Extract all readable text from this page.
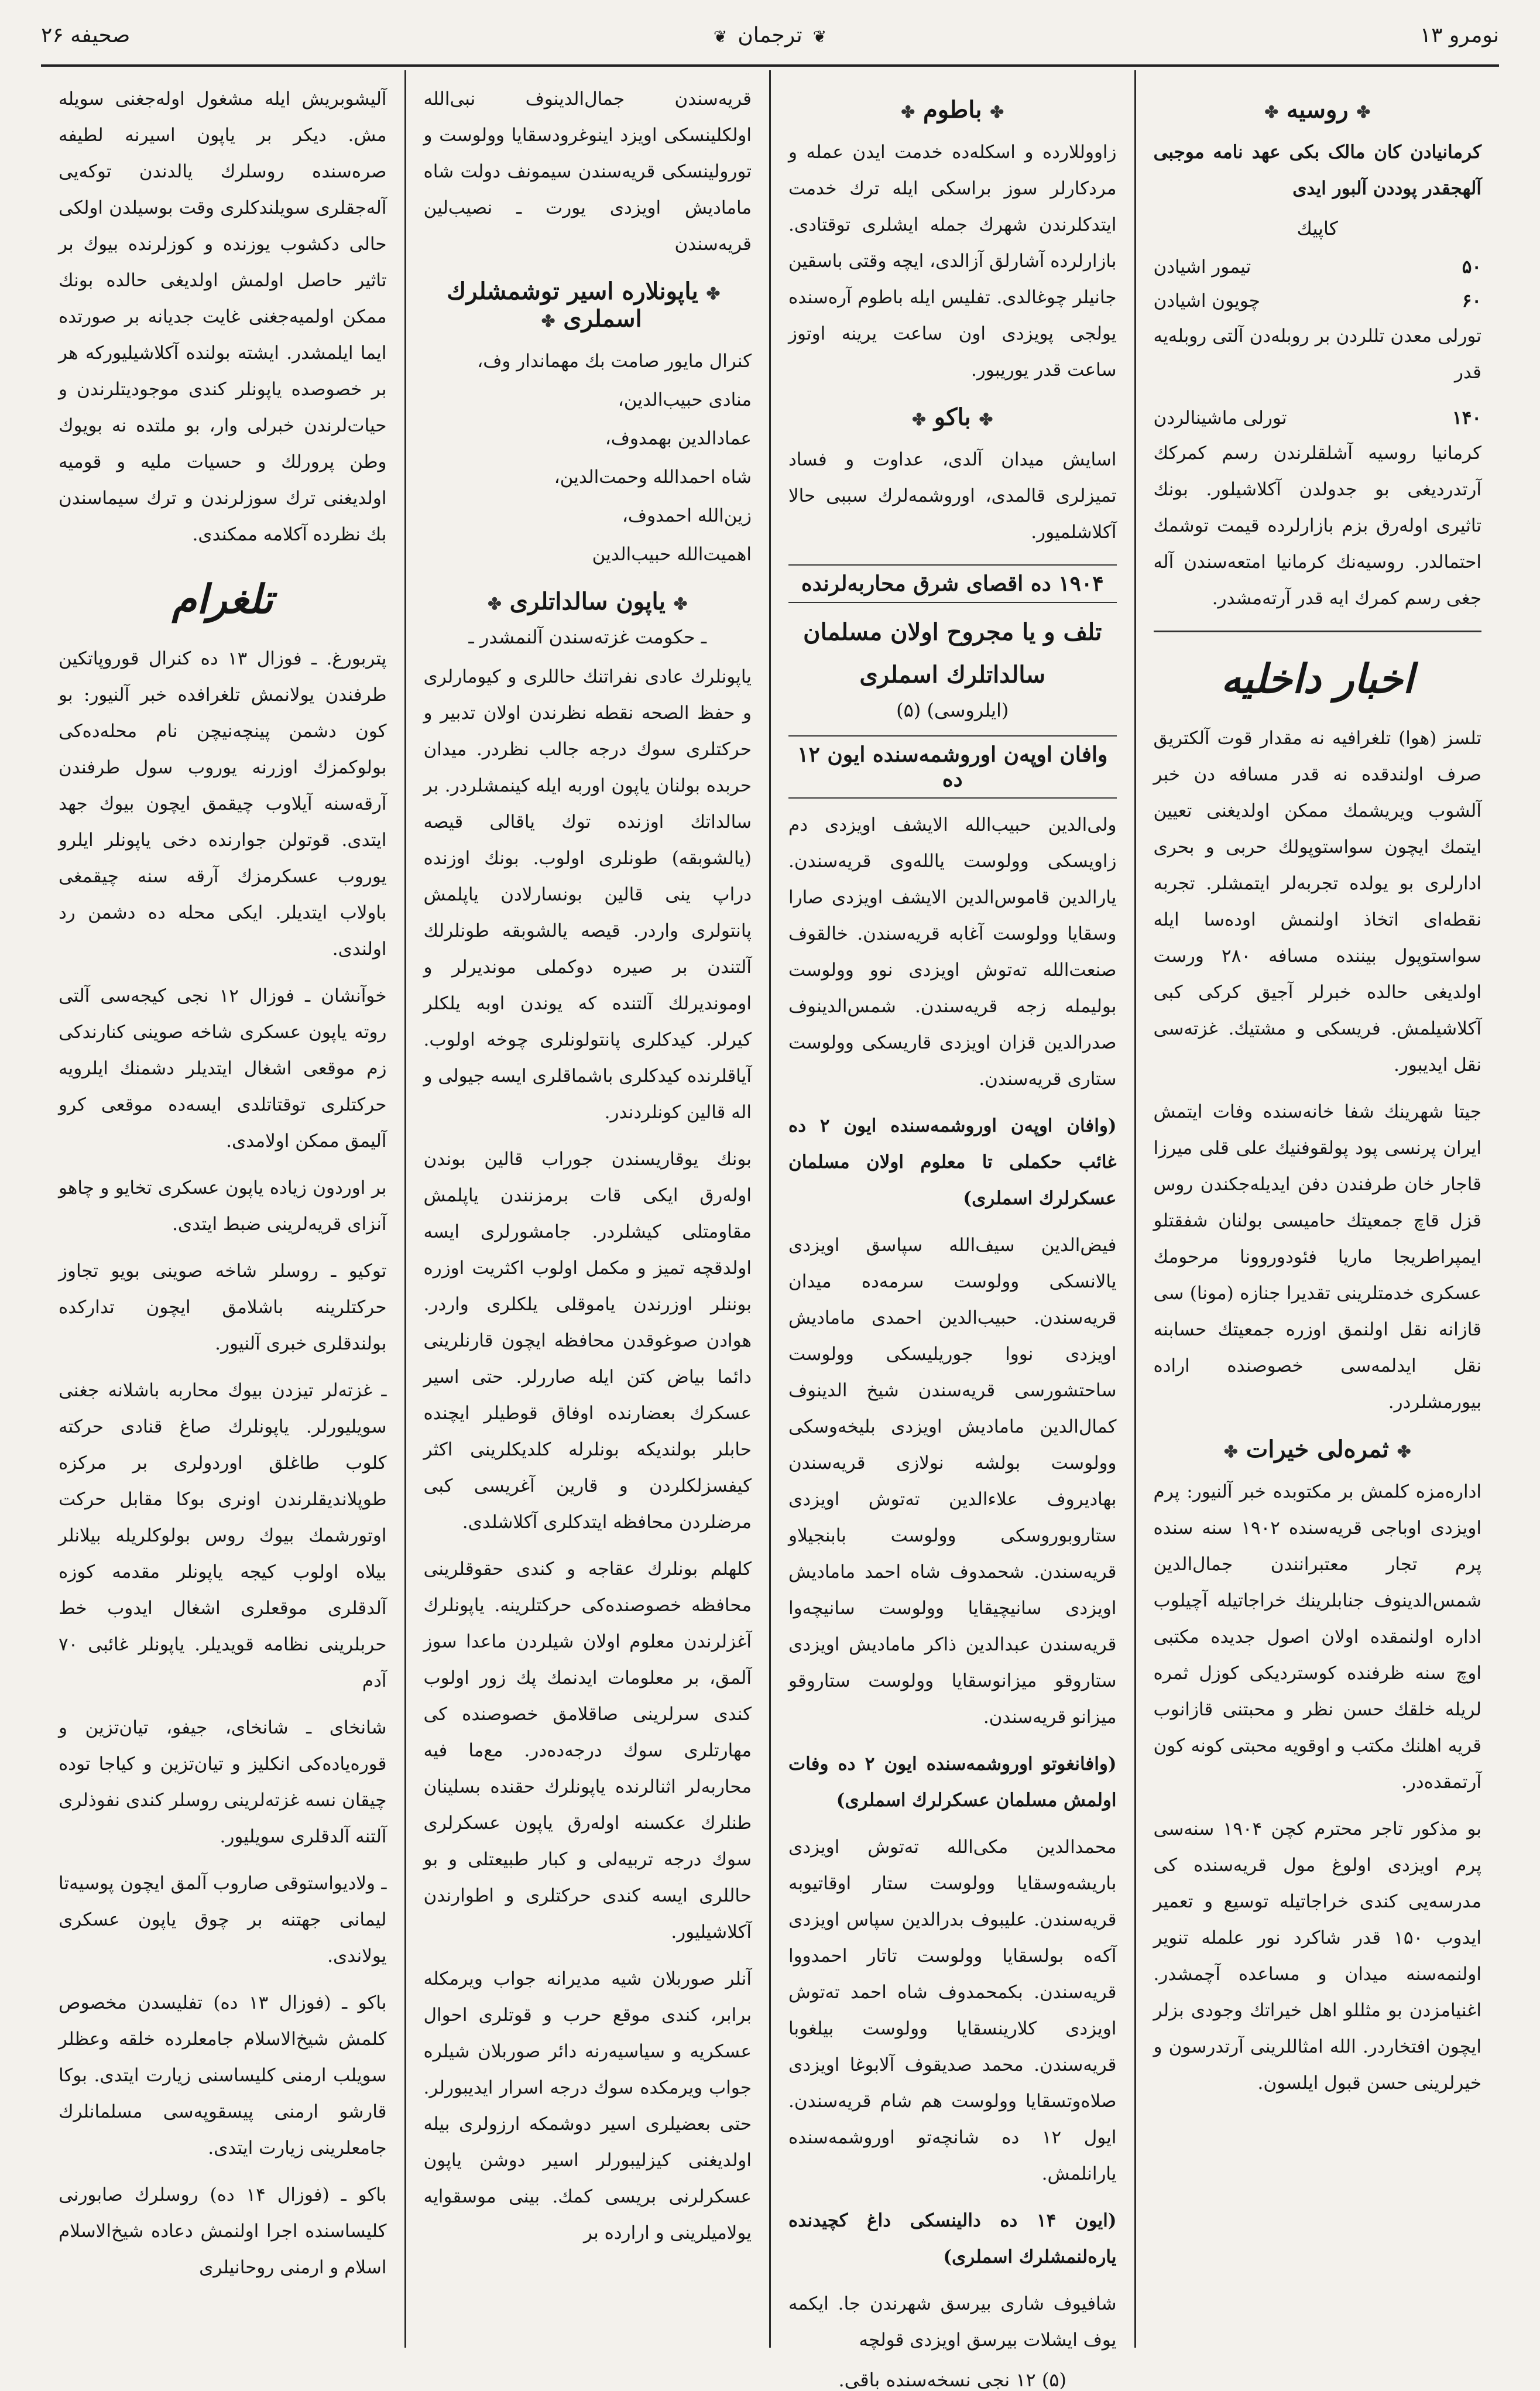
نومرو ۱۳
❦ترجمان❦
صحیفه ۲۶
✤روسیه✤

کرمانیادن کان مالک بکی عهد نامه موجبی آلهجقدر پوددن آلبور ایدی

کاپیك
۵۰
تیمور اشیادن
۶۰
چویون اشیادن

تورلی معدن تللردن بر روبله‌دن آلتی روبله‌یه قدر

۱۴۰
تورلی ماشینالردن

کرمانیا روسیه آشلقلرندن رسم کمرکك آرتدردیغی بو جدولدن آکلاشیلور. بونك تاثیری اولەرق بزم بازارلرده قیمت توشمك احتمالدر. روسیه‌نك کرمانیا امتعه‌سندن آله جغی رسم کمرك ایه قدر آرتەمشدر.

اخبار داخلیه

تلسز (هوا) تلغرافیه نه مقدار قوت آلکتریق صرف اولندقده نه قدر مسافه دن خبر آلشوب ویریشمك ممکن اولدیغنی تعیین ایتمك ایچون سواستوپولك حربی و بحری ادارلری بو یولده تجربه‌لر ایتمشلر. تجربه نقطه‌ای اتخاذ اولنمش اودەسا ایله سواستوپول بیننده مسافه ۲۸۰ ورست اولدیغی حالده خبرلر آجیق کرکی کبی آکلاشیلمش. فریسکی و مشتیك. غزته‌سی نقل ایدیبور.

جیتا شهرینك شفا خانه‌سنده وفات ایتمش ایران پرنسی پود پولقوفنیك علی قلی میرزا قاجار خان طرفندن دفن ایدیله‌جکندن روس قزل قاچ جمعیتك حامیسی بولنان شفقتلو ایمپراطریجا ماریا فئودوروونا مرحومك عسکری خدمتلرینی تقدیرا جنازه (مونا) سی قازانه نقل اولنمق اوزره جمعیتك حسابنه نقل ایدلمه‌سی خصوصنده اراده بیورمشلردر.

✤ثمره‌لی خیرات✤

اداره‌مزه کلمش بر مکتوبده خبر آلنیور: پرم اویزدی اوباجی قریه‌سنده ۱۹۰۲ سنه سنده پرم تجار معتبرانندن جمال‌الدین شمس‌الدینوف جنابلرینك خراجاتیله آچیلوب اداره اولنمقده اولان اصول جدیده مکتبی اوچ سنه ظرفنده کوستردیکی کوزل ثمره لریله خلقك حسن نظر و محبتنی قازانوب قریه اهلنك مکتب و اوقویه محبتی کونه کون آرتمقده‌در.

بو مذکور تاجر محترم کچن ۱۹۰۴ سنه‌سی پرم اویزدی اولوغ مول قریه‌سنده کی مدرسه‌یی کندی خراجاتیله توسیع و تعمیر ایدوب ۱۵۰ قدر شاکرد نور علمله تنویر اولنمه‌سنه میدان و مساعده آچمشدر. اغنیامزدن بو مثللو اهل خیراتك وجودی بزلر ایچون افتخاردر. الله امثاللرینی آرتدرسون و خیرلرینی حسن قبول ایلسون.

✤باطوم✤

زاووللارده و اسکله‌ده خدمت ایدن عمله و مردکارلر سوز براسکی ایله ترك خدمت ایتدکلرندن شهرك جمله ایشلری توقتادی. بازارلرده آشارلق آزالدی، ایچه وقتی باسقین جانیلر چوغالدی. تفلیس ایله باطوم آره‌سنده یولجی پویزدی اون ساعت یرینه اوتوز ساعت قدر یوریبور.

✤باکو✤

اسایش میدان آلدی، عداوت و فساد تمیزلری قالمدی، اوروشمه‌لرك سببی حالا آکلاشلمیور.

۱۹۰۴ ده اقصای شرق محاربه‌لرنده
تلف و یا مجروح اولان مسلمان
سالداتلرك اسملری
(ایلروسی) (۵)
وافان اوپه‌ن اوروشمه‌سنده ایون ۱۲ ده

ولی‌الدین حبیب‌الله الایشف اویزدی دم زاویسکی وولوست یالله‌وی قریه‌سندن. یارالدین قاموس‌الدین الایشف اویزدی صارا وسقایا وولوست آغابه قریه‌سندن. خالقوف صنعت‌الله ته‌توش اویزدی نوو وولوست بولیمله زجه قریه‌سندن. شمس‌الدینوف صدرالدین قزان اویزدی قاریسکی وولوست ستاری قریه‌سندن.

(وافان اوپه‌ن اوروشمه‌سنده ایون ۲ ده غائب حکملی تا معلوم اولان مسلمان عسکرلرك اسملری)

فیض‌الدین سیف‌الله سپاسق اویزدی یالانسکی وولوست سرمه‌ده میدان قریه‌سندن. حبیب‌الدین احمدی مامادیش اویزدی نووا جوریلیسکی وولوست ساحتشورسی قریه‌سندن شیخ الدینوف کمال‌الدین مامادیش اویزدی بلیخه‌وسکی وولوست بولشه نولازی قریه‌سندن بهادیروف علاءالدین ته‌توش اویزدی ستاروبوروسکی وولوست بابنجیلاو قریه‌سندن. شحمدوف شاه احمد مامادیش اویزدی سانیچیقایا وولوست سانیچه‌وا قریه‌سندن عبدالدین ذاکر مامادیش اویزدی ستاروقو میزانوسقایا وولوست ستاروقو میزانو قریه‌سندن.

(وافانغوتو اوروشمه‌سنده ایون ۲ ده وفات اولمش مسلمان عسکرلرك اسملری)

محمدالدین مکی‌الله ته‌توش اویزدی باریشه‌وسقایا وولوست ستار اوقاتیوبه قریه‌سندن. علیبوف بدرالدین سپاس اویزدی آکه‌ه بولسقایا وولوست تاتار احمدووا قریه‌سندن. بکمحمدوف شاه احمد ته‌توش اویزدی کلارینسقایا وولوست بیلغوبا قریه‌سندن. محمد صدیقوف آلابوغا اویزدی صلاه‌وتسقایا وولوست هم شام قریه‌سندن. ایول ۱۲ ده شانچه‌تو اوروشمه‌سنده یارانلمش.

(ایون ۱۴ ده دالینسکی داغ کچیدنده یارەلنمشلرك اسملری)

شافیوف شاری بیرسق شهرندن جا. ایکمه یوف ایشلات بیرسق اویزدی قولچه

(۵) ۱۲ نجی نسخه‌سنده باقی.

قریه‌سندن جمال‌الدینوف نبی‌الله اولکلینسکی اویزد اینوغرودسقایا وولوست و تورولینسکی قریه‌سندن سیمونف دولت شاه مامادیش اویزدی یورت ـ نصیب‌لین قریه‌سندن

✤یاپونلاره اسیر توشمشلرك اسملری✤

کنرال مایور صامت بك مهماندار وف،

منادی حبیب‌الدین،

عمادالدین بهمدوف،

شاه احمدالله وحمت‌الدین،

زین‌الله احمدوف،

اهمیت‌الله حبیب‌الدین

✤یاپون سالداتلری✤
ـ حکومت غزته‌سندن آلنمشدر ـ

یاپونلرك عادی نفراتنك حاللری و کیومارلری و حفظ الصحه نقطه نظرندن اولان تدبیر و حرکتلری سوك درجه جالب نظردر. میدان حربده بولنان یاپون اوربه ایله کینمشلردر. بر سالداتك اوزنده توك یاقالی قیصه (یالشوبقه) طونلری اولوب. بونك اوزنده دراپ ینی قالین بونسارلادن یاپلمش پانتولری واردر. قیصه یالشوبقه طونلرلك آلتندن بر صیره دوکملی موندیرلر و اوموندیرلك آلتنده که یوندن اوبه یلکلر کیرلر. کیدکلری پانتولونلری چوخه اولوب. آیاقلرنده کیدکلری باشماقلری ایسه جیولی و اله قالین کونلردندر.

بونك یوقاریسندن جوراب قالین بوندن اولەرق ایکی قات برمزنندن یاپلمش مقاومتلی کیشلردر. جامشورلری ایسه اولدقچه تمیز و مکمل اولوب اکثریت اوزره بوننلر اوزرندن یاموقلی یلکلری واردر. هوادن صوغوقدن محافظه ایچون قارنلرینی دائما بیاض کتن ایله صاررلر. حتی اسیر عسکرك بعضارنده اوفاق قوطیلر ایچنده حابلر بولندیکه بونلرله کلدیکلرینی اکثر کیفسزلکلردن و قارین آغریسی کبی مرضلردن محافظه ایتدکلری آکلاشلدی.

کلهلم بونلرك عقاجه و کندی حقوقلرینی محافظه خصوصنده‌کی حرکتلرینه. یاپونلرك آغزلرندن معلوم اولان شیلردن ماعدا سوز آلمق، بر معلومات ایدنمك پك زور اولوب کندی سرلرینی صاقلامق خصوصنده کی مهارتلری سوك درجه‌ده‌در. مع‌ما فیه محاربه‌لر اثنالرنده یاپونلرك حقنده بسلینان طنلرك عکسنه اولەرق یاپون عسکرلری سوك درجه تربیه‌لی و کبار طبیعتلی و بو حاللری ایسه کندی حرکتلری و اطوارندن آکلاشیلیور.

آنلر صوربلان شیه مدیرانه جواب ویرمکله برابر، کندی موقع حرب و قوتلری احوال عسکریه و سیاسیه‌رنه دائر صوربلان شیلره جواب ویرمکده سوك درجه اسرار ایدیبورلر. حتی بعضیلری اسیر دوشمکه ارزولری بیله اولدیغنی کیزلیبورلر اسیر دوشن یاپون عسکرلرنی بریسی کمك. بینی موسقوایه یولامیلرینی و ارارده بر

آلیشوبریش ایله مشغول اوله‌جغنی سویله مش. دیکر بر یاپون اسیرنه لطیفه صره‌سنده روسلرك یالدندن توکه‌یی آله‌جقلری سویلندکلری وقت بوسیلدن اولکی حالی دکشوب یوزنده و کوزلرنده بیوك بر تاثیر حاصل اولمش اولدیغی حالده بونك ممکن اولمیه‌جغنی غایت جدیانه بر صورتده ایما ایلمشدر. ایشته بولنده آکلاشیلیورکه هر بر خصوصده یاپونلر کندی موجودیتلرندن و حیات‌لرندن خبرلی وار، بو ملتده نه بویوك وطن پرورلك و حسیات ملیه و قومیه اولدیغنی ترك سوزلرندن و ترك سیماسندن بك نظرده آکلامه ممکندی.

تلغرام

پتربورغ. ـ فوزال ۱۳ ده کنرال قوروپاتکین طرفندن یولانمش تلغرافده خبر آلنیور: بو کون دشمن پینچه‌نیچن نام محله‌ده‌کی بولوکمزك اوزرنه یوروب سول طرفندن آرقه‌سنه آیلاوب چیقمق ایچون بیوك جهد ایتدی. قوتولن جوارنده دخی یاپونلر ایلرو یوروب عسکرمزك آرقه سنه چیقمغی باولاب ایتدیلر. ایکی محله ده دشمن رد اولندی.

خوآنشان ـ فوزال ۱۲ نجی کیجه‌سی آلتی روته یاپون عسکری شاخه صوینی کنارندکی زم موقعی اشغال ایتدیلر دشمنك ایلرویه حرکتلری توقتاتلدی ایسه‌ده موقعی کرو آلیمق ممکن اولامدی.

بر اوردون زیاده یاپون عسکری تخایو و چاهو آنزای قریه‌لرینی ضبط ایتدی.

توکیو ـ روسلر شاخه صوینی بویو تجاوز حرکتلرینه باشلامق ایچون تدارکده بولندقلری خبری آلنیور.

ـ غزته‌لر تیزدن بیوك محاربه باشلانه جغنی سویلیورلر. یاپونلرك صاغ قنادی حرکته کلوب طاغلق اوردولری بر مرکزه طوپلاندیقلرندن اونری بوکا مقابل حرکت اوتورشمك بیوك روس بولوکلریله بیلانلر بیلاه اولوب کیجه یاپونلر مقدمه کوزه آلدقلری موقعلری اشغال ایدوب خط حربلرینی نظامه قویدیلر. یاپونلر غائبی ۷۰ آدم

شانخای ـ شانخای، جیفو، تیان‌تزین و قورەیاده‌کی انکلیز و تیان‌تزین و کیاجا توده چیقان نسه غزته‌لرینی روسلر کندی نفوذلری آلتنه آلدقلری سویلیور.

ـ ولادیواستوقی صاروب آلمق ایچون پوسیه‌تا لیمانی جهتنه بر چوق یاپون عسکری یولاندی.

باکو ـ (فوزال ۱۳ ده) تفلیسدن مخصوص کلمش شیخ‌الاسلام جامعلرده خلقه وعظلر سویلب ارمنی کلیساسنی زیارت ایتدی. بوکا قارشو ارمنی پیسقوپه‌سی مسلمانلرك جامعلرینی زیارت ایتدی.

باکو ـ (فوزال ۱۴ ده) روسلرك صابورنی کلیساسنده اجرا اولنمش دعاده شیخ‌الاسلام اسلام و ارمنی روحانیلری
